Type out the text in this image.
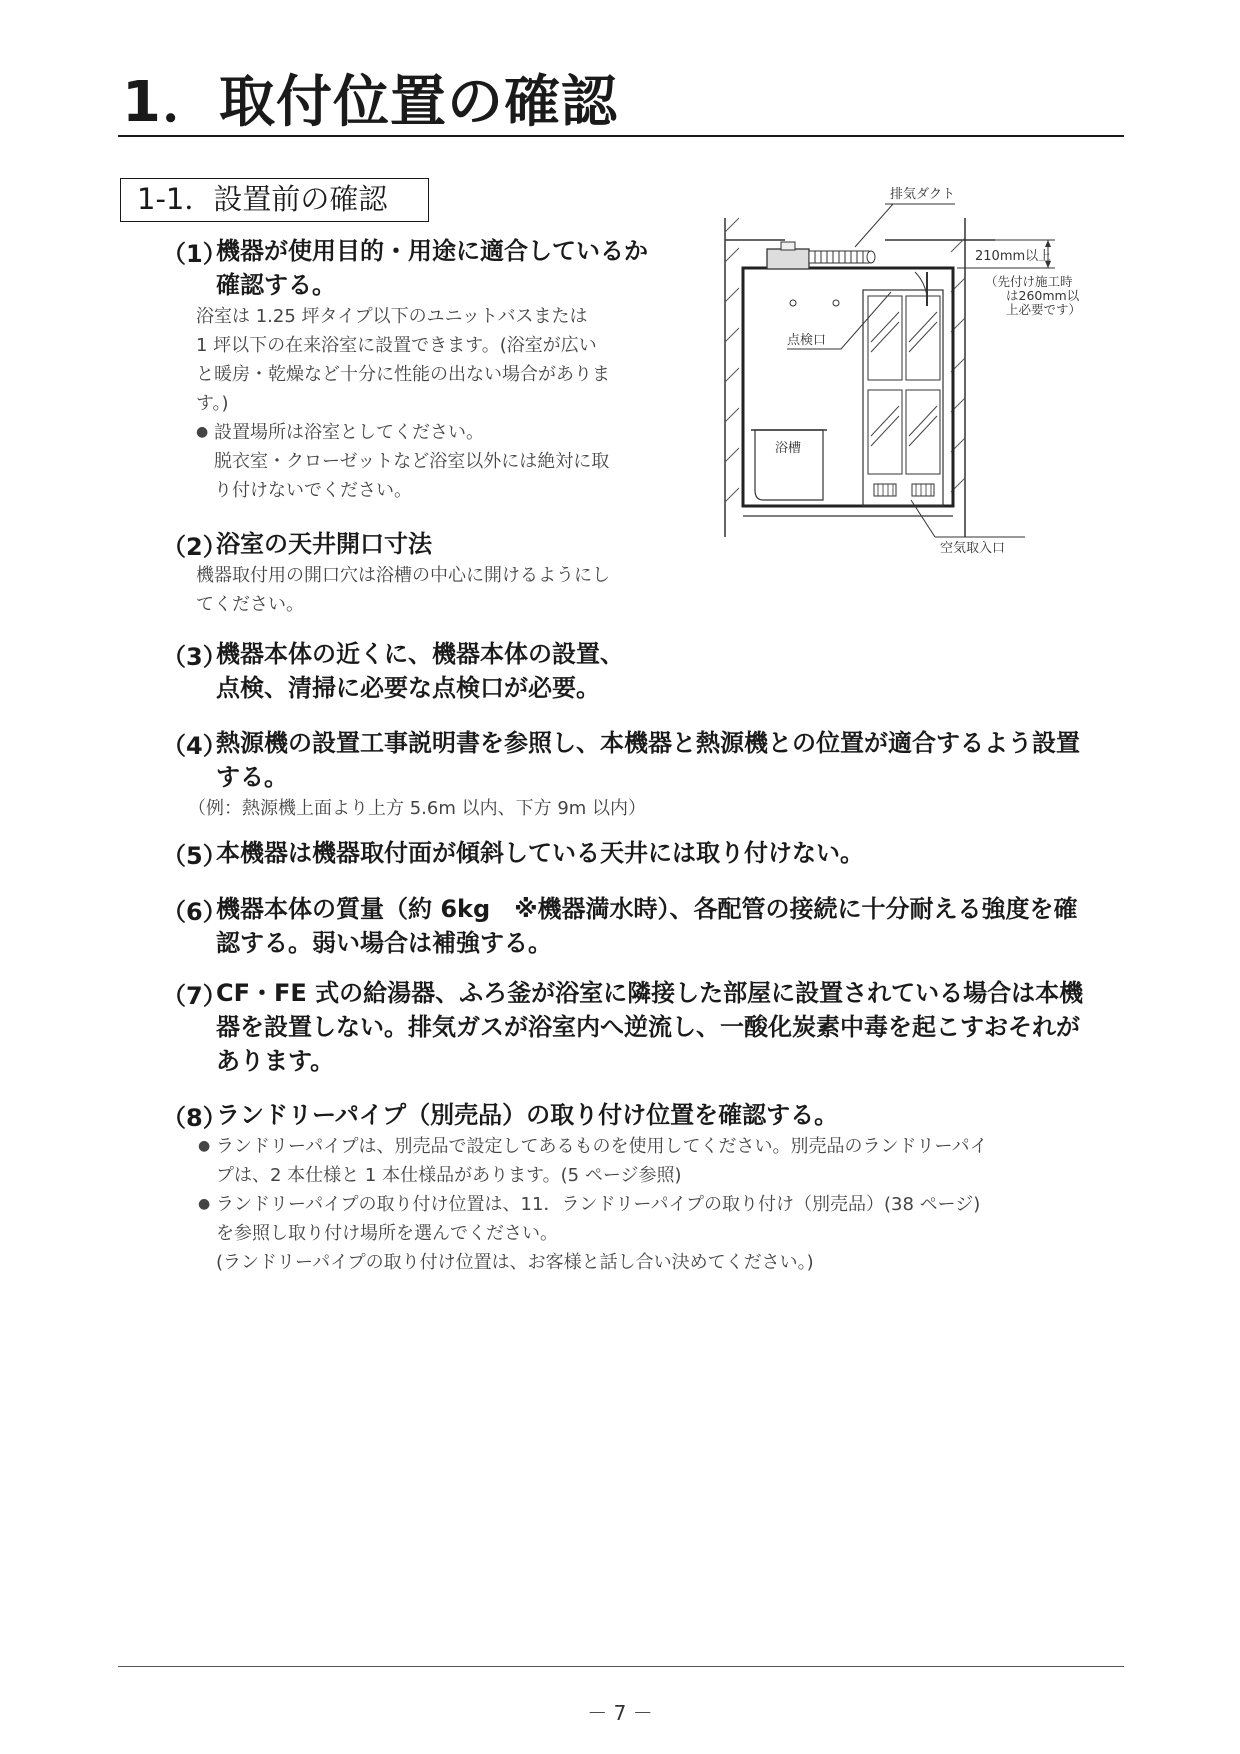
1．取付位置の確認
1-1．設置前の確認
（1）
機器が使用目的・用途に適合しているか
確認する。

浴室は 1.25 坪タイプ以下のユニットバスまたは

1 坪以下の在来浴室に設置できます。(浴室が広い

と暖房・乾燥など十分に性能の出ない場合がありま

す。)

● 設置場所は浴室としてください。
脱衣室・クローゼットなど浴室以外には絶対に取
り付けないでください。
（2）
浴室の天井開口寸法

機器取付用の開口穴は浴槽の中心に開けるようにし

てください。

（3）
機器本体の近くに、機器本体の設置、
点検、清掃に必要な点検口が必要。
（4）
熱源機の設置工事説明書を参照し、本機器と熱源機との位置が適合するよう設置
する。
（例：熱源機上面より上方 5.6m 以内、下方 9m 以内）
（5）
本機器は機器取付面が傾斜している天井には取り付けない。
（6）
機器本体の質量（約 6kg　※機器満水時）、各配管の接続に十分耐える強度を確
認する。弱い場合は補強する。
（7）
CF・FE 式の給湯器、ふろ釜が浴室に隣接した部屋に設置されている場合は本機
器を設置しない。排気ガスが浴室内へ逆流し、一酸化炭素中毒を起こすおそれが
あります。
（8）
ランドリーパイプ（別売品）の取り付け位置を確認する。
● ランドリーパイプは、別売品で設定してあるものを使用してください。別売品のランドリーパイ
プは、2 本仕様と 1 本仕様品があります。(5 ページ参照)
● ランドリーパイプの取り付け位置は、11．ランドリーパイプの取り付け（別売品）(38 ページ)
を参照し取り付け場所を選んでください。
(ランドリーパイプの取り付け位置は、お客様と話し合い決めてください。)
排気ダクト
210mm以上
（先付け施工時
は260mm以
上必要です）
点検口
浴槽
空気取入口
－ 7 －
